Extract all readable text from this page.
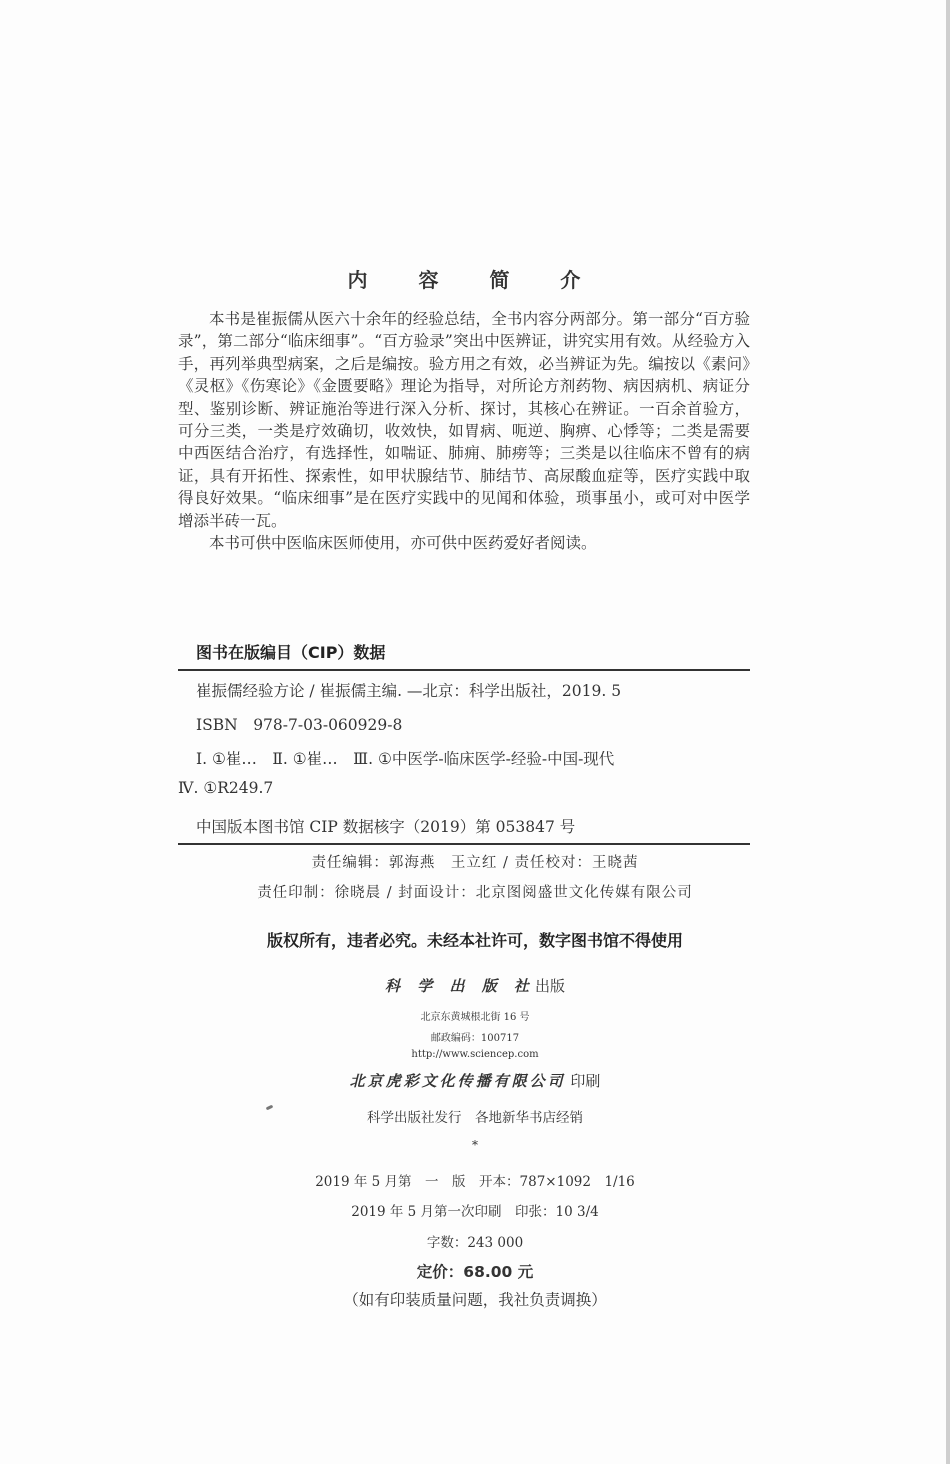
内 容 简 介

本书是崔振儒从医六十余年的经验总结，全书内容分两部分。第一部分“百方验录”，第二部分“临床细事”。“百方验录”突出中医辨证，讲究实用有效。从经验方入手，再列举典型病案，之后是编按。验方用之有效，必当辨证为先。编按以《素问》《灵枢》《伤寒论》《金匮要略》理论为指导，对所论方剂药物、病因病机、病证分型、鉴别诊断、辨证施治等进行深入分析、探讨，其核心在辨证。一百余首验方，可分三类，一类是疗效确切，收效快，如胃病、呃逆、胸痹、心悸等；二类是需要中西医结合治疗，有选择性，如喘证、肺痈、肺痨等；三类是以往临床不曾有的病证，具有开拓性、探索性，如甲状腺结节、肺结节、高尿酸血症等，医疗实践中取得良好效果。“临床细事”是在医疗实践中的见闻和体验，琐事虽小，或可对中医学增添半砖一瓦。

本书可供中医临床医师使用，亦可供中医药爱好者阅读。

图书在版编目（CIP）数据
崔振儒经验方论 / 崔振儒主编. —北京：科学出版社，2019. 5
ISBN　978-7-03-060929-8
Ⅰ. ①崔…　Ⅱ. ①崔…　Ⅲ. ①中医学-临床医学-经验-中国-现代
Ⅳ. ①R249.7
中国版本图书馆 CIP 数据核字（2019）第 053847 号
责任编辑：郭海燕　王立红 / 责任校对：王晓茜
责任印制：徐晓晨 / 封面设计：北京图阅盛世文化传媒有限公司
版权所有，违者必究。未经本社许可，数字图书馆不得使用
科 学 出 版 社出版
北京东黄城根北街 16 号
邮政编码：100717
http://www.sciencep.com
北京虎彩文化传播有限公司 印刷
科学出版社发行　各地新华书店经销
*
2019 年 5 月第　一　版　开本：787×1092　1/16
2019 年 5 月第一次印刷　印张：10 3/4
字数：243 000
定价：68.00 元
（如有印装质量问题，我社负责调换）
